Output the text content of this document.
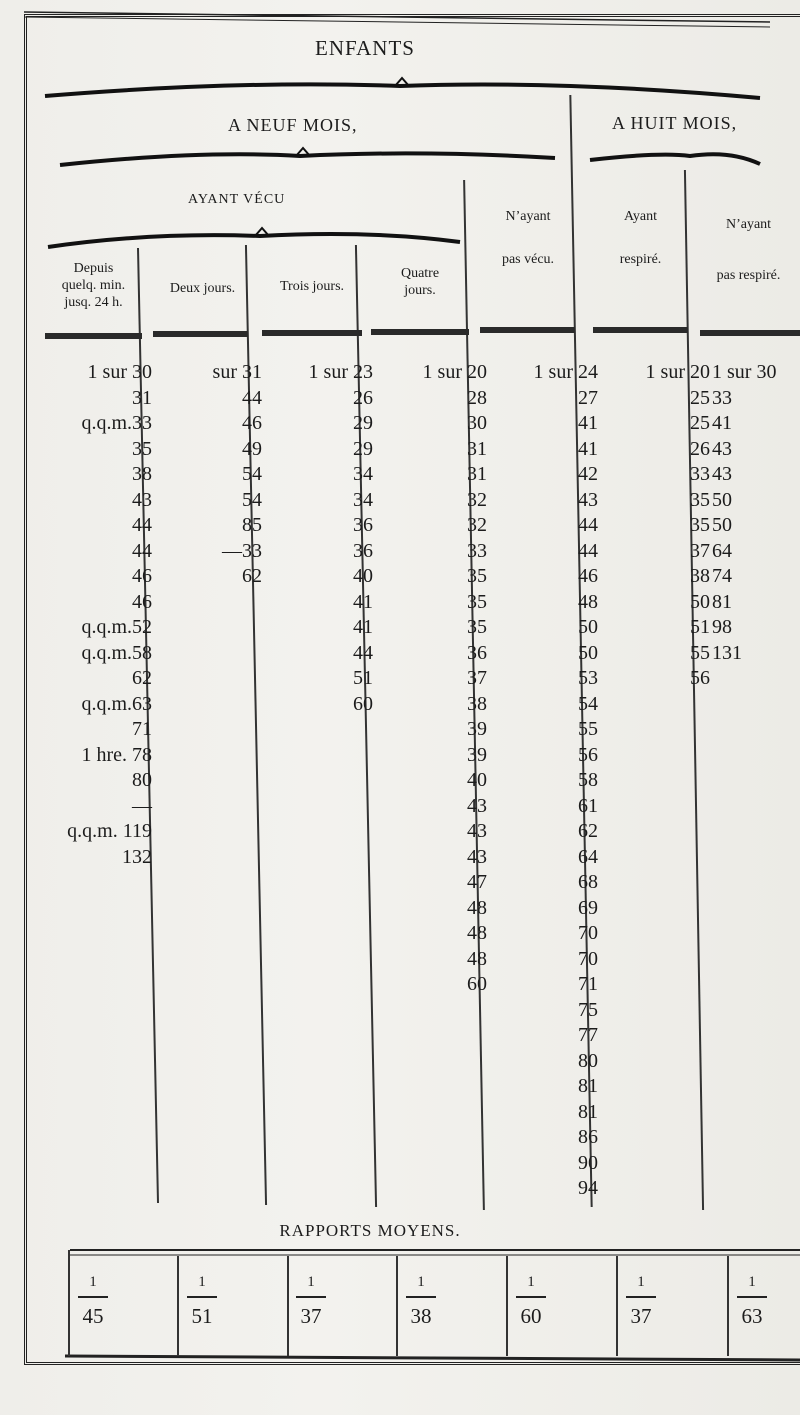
ENFANTS
A NEUF MOIS,	A HUIT MOIS,
AYANT VÉCU
Depuis
quelq. min.
jusq. 24 h.
Deux jours.	Trois jours.
Quatre
jours.
N’ayant
pas vécu.
Ayant
respiré.
N’ayant
pas respiré.
1 sur 30
31
q.q.m.33
35
38
43
44
44
46
46
q.q.m.52
q.q.m.58
62
q.q.m.63
71
1 hre. 78
80
—
q.q.m. 119
132
sur 31
44
46
49
54
54
85
—33
62
1 sur 23
26
29
29
34
34
36
36
40
41
41
44
51
60
1 sur 20
28
30
31
31
32
32
33
35
35
35
36
37
38
39
39
40
43
43
43
47
48
48
48
60
1 sur 24
27
41
41
42
43
44
44
46
48
50
50
53
54
55
56
58
61
62
64
68
69
70
70
71
75
77
80
81
81
86
90
94
1 sur 20
25
25
26
33
35
35
37
38
50
51
55
56
1 sur 30
33
41
43
43
50
50
64
74
81
98
131
RAPPORTS MOYENS.
1
45
1
51
1
37
1
38
1
60
1
37
1
63
